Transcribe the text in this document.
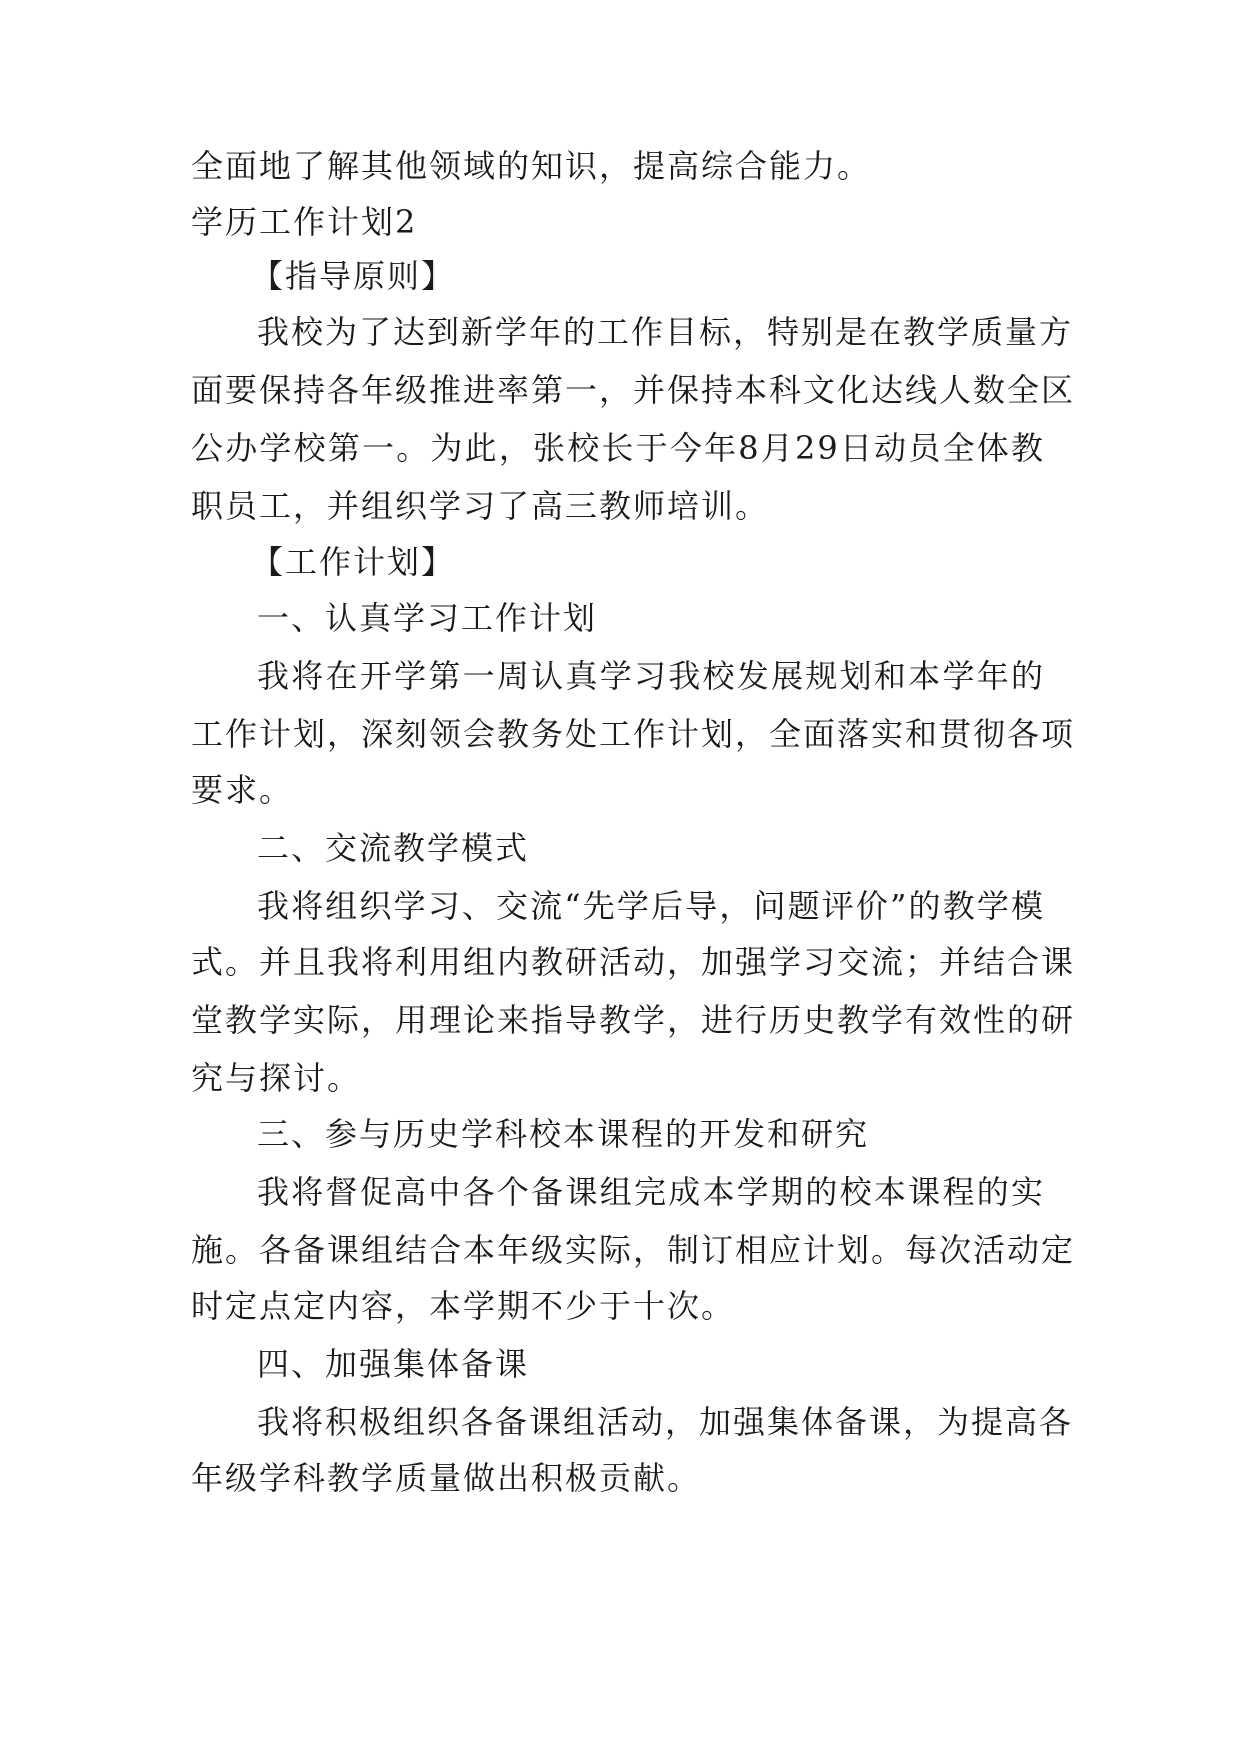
全面地了解其他领域的知识，提高综合能力。
学历工作计划2
【指导原则】
我校为了达到新学年的工作目标，特别是在教学质量方
面要保持各年级推进率第一，并保持本科文化达线人数全区
公办学校第一。为此，张校长于今年8月29日动员全体教
职员工，并组织学习了高三教师培训。
【工作计划】
一、认真学习工作计划
我将在开学第一周认真学习我校发展规划和本学年的
工作计划，深刻领会教务处工作计划，全面落实和贯彻各项
要求。
二、交流教学模式
我将组织学习、交流“先学后导，问题评价”的教学模
式。并且我将利用组内教研活动，加强学习交流；并结合课
堂教学实际，用理论来指导教学，进行历史教学有效性的研
究与探讨。
三、参与历史学科校本课程的开发和研究
我将督促高中各个备课组完成本学期的校本课程的实
施。各备课组结合本年级实际，制订相应计划。每次活动定
时定点定内容，本学期不少于十次。
四、加强集体备课
我将积极组织各备课组活动，加强集体备课，为提高各
年级学科教学质量做出积极贡献。
